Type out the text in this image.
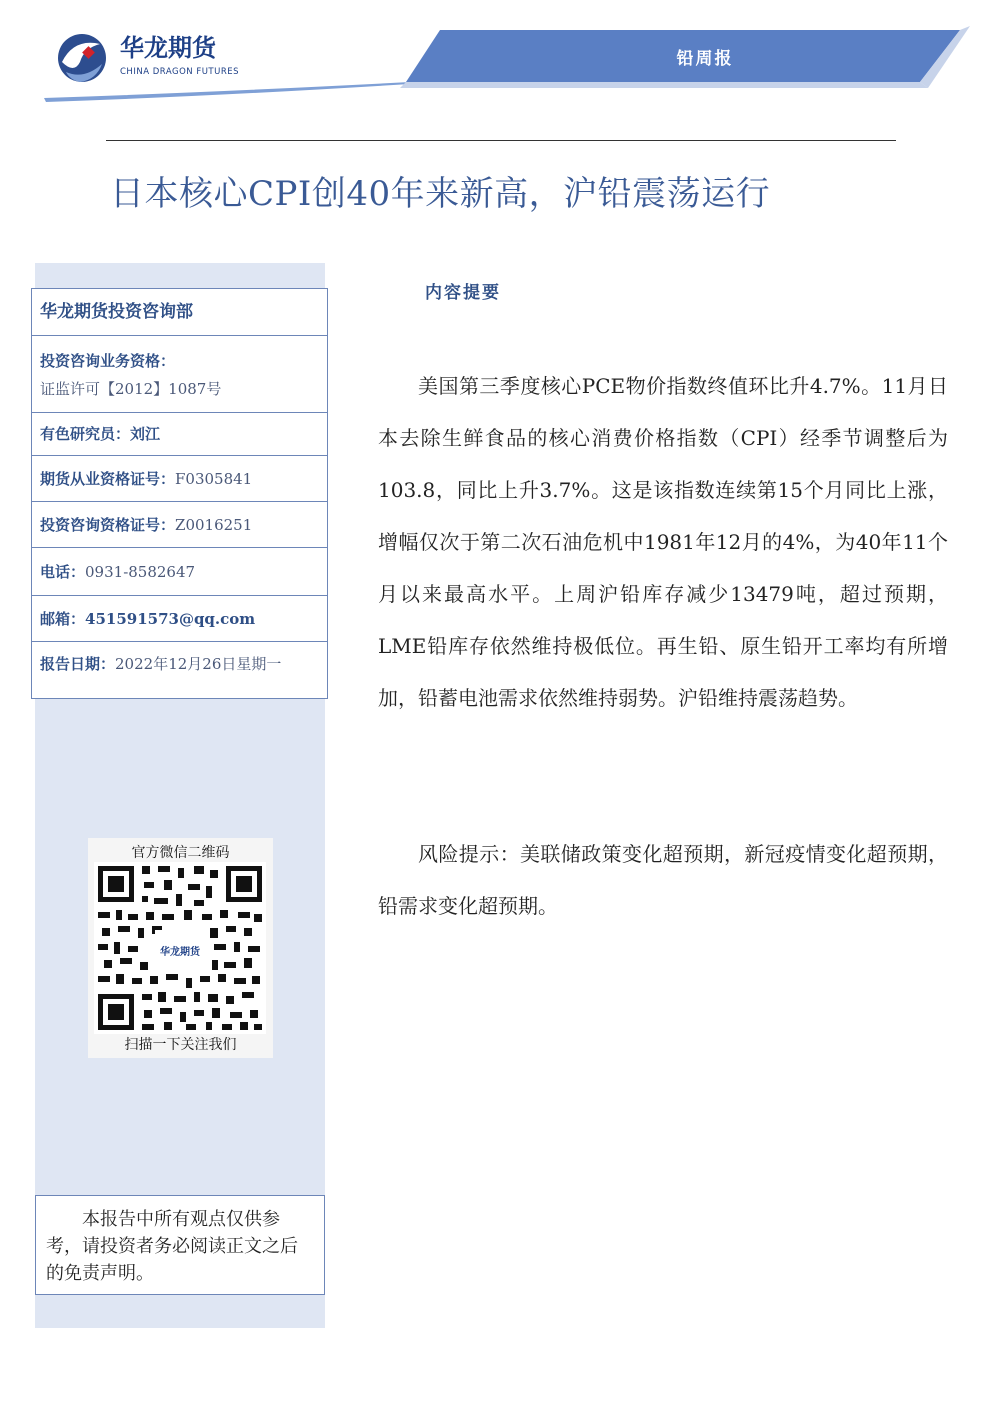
华龙期货
CHINA DRAGON FUTURES
铅周报
日本核心CPI创40年来新高，沪铅震荡运行
华龙期货投资咨询部
投资咨询业务资格：
证监许可【2012】1087号
有色研究员：刘江
期货从业资格证号：F0305841
投资咨询资格证号：Z0016251
电话：0931-8582647
邮箱：451591573@qq.com
报告日期：2022年12月26日星期一
官方微信二维码
华龙期货
扫描一下关注我们
本报告中所有观点仅供参考，请投资者务必阅读正文之后的免责声明。
内容提要
美国第三季度核心PCE物价指数终值环比升4.7%。11月日本去除生鲜食品的核心消费价格指数（CPI）经季节调整后为103.8，同比上升3.7%。这是该指数连续第15个月同比上涨，增幅仅次于第二次石油危机中1981年12月的4%，为40年11个月以来最高水平。上周沪铅库存减少13479吨，超过预期，LME铅库存依然维持极低位。再生铅、原生铅开工率均有所增加，铅蓄电池需求依然维持弱势。沪铅维持震荡趋势。
风险提示：美联储政策变化超预期，新冠疫情变化超预期，铅需求变化超预期。
